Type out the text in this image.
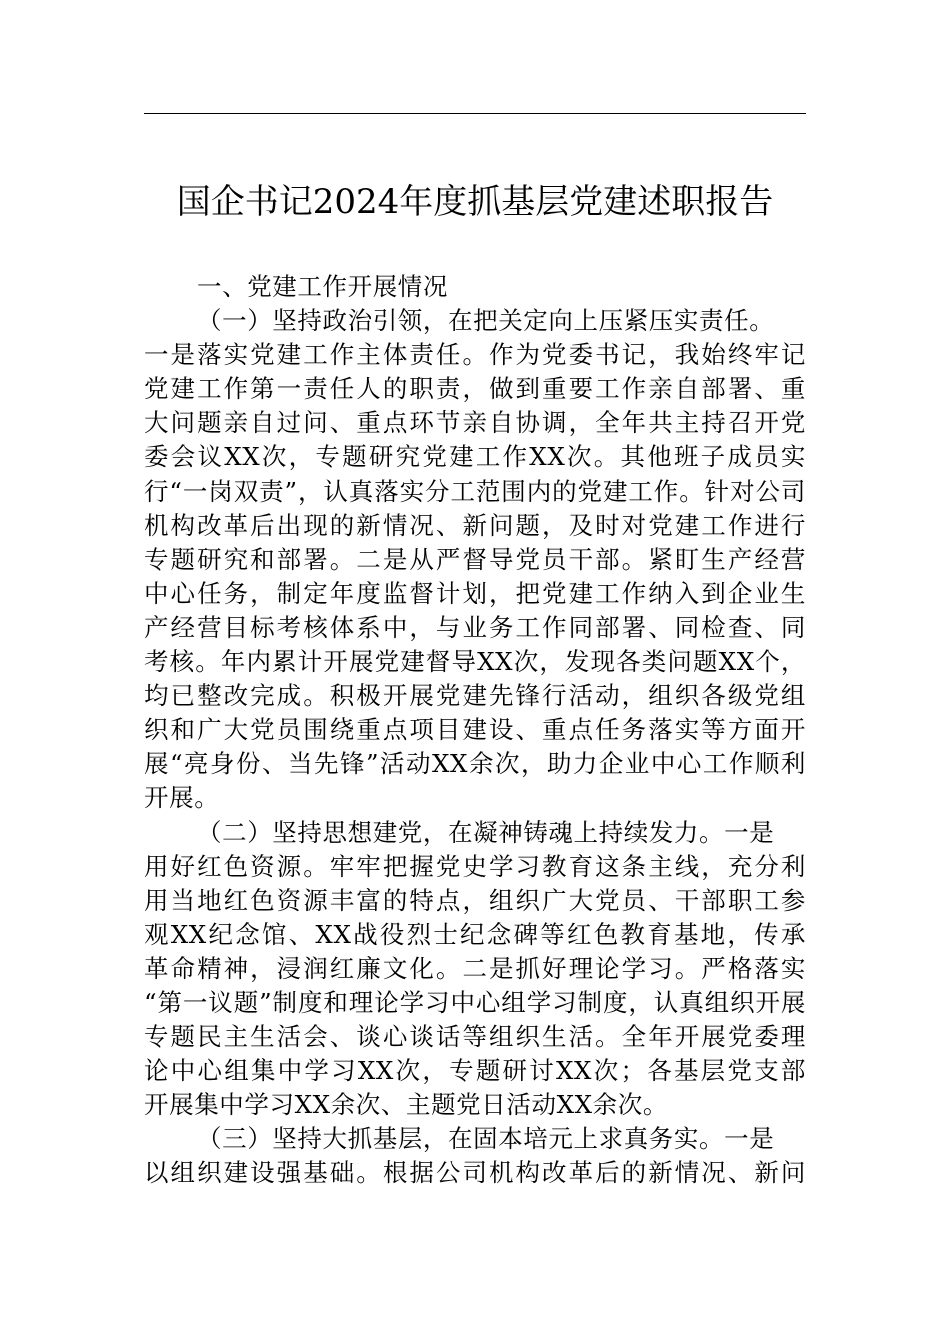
国企书记2024年度抓基层党建述职报告
一、党建工作开展情况
（一）坚持政治引领，在把关定向上压紧压实责任。
一是落实党建工作主体责任。作为党委书记，我始终牢记
党建工作第一责任人的职责，做到重要工作亲自部署、重
大问题亲自过问、重点环节亲自协调，全年共主持召开党
委会议XX次，专题研究党建工作XX次。其他班子成员实
行“一岗双责”，认真落实分工范围内的党建工作。针对公司
机构改革后出现的新情况、新问题，及时对党建工作进行
专题研究和部署。二是从严督导党员干部。紧盯生产经营
中心任务，制定年度监督计划，把党建工作纳入到企业生
产经营目标考核体系中，与业务工作同部署、同检查、同
考核。年内累计开展党建督导XX次，发现各类问题XX个，
均已整改完成。积极开展党建先锋行活动，组织各级党组
织和广大党员围绕重点项目建设、重点任务落实等方面开
展“亮身份、当先锋”活动XX余次，助力企业中心工作顺利
开展。
（二）坚持思想建党，在凝神铸魂上持续发力。一是
用好红色资源。牢牢把握党史学习教育这条主线，充分利
用当地红色资源丰富的特点，组织广大党员、干部职工参
观XX纪念馆、XX战役烈士纪念碑等红色教育基地，传承
革命精神，浸润红廉文化。二是抓好理论学习。严格落实
“第一议题”制度和理论学习中心组学习制度，认真组织开展
专题民主生活会、谈心谈话等组织生活。全年开展党委理
论中心组集中学习XX次，专题研讨XX次；各基层党支部
开展集中学习XX余次、主题党日活动XX余次。
（三）坚持大抓基层，在固本培元上求真务实。一是
以组织建设强基础。根据公司机构改革后的新情况、新问
